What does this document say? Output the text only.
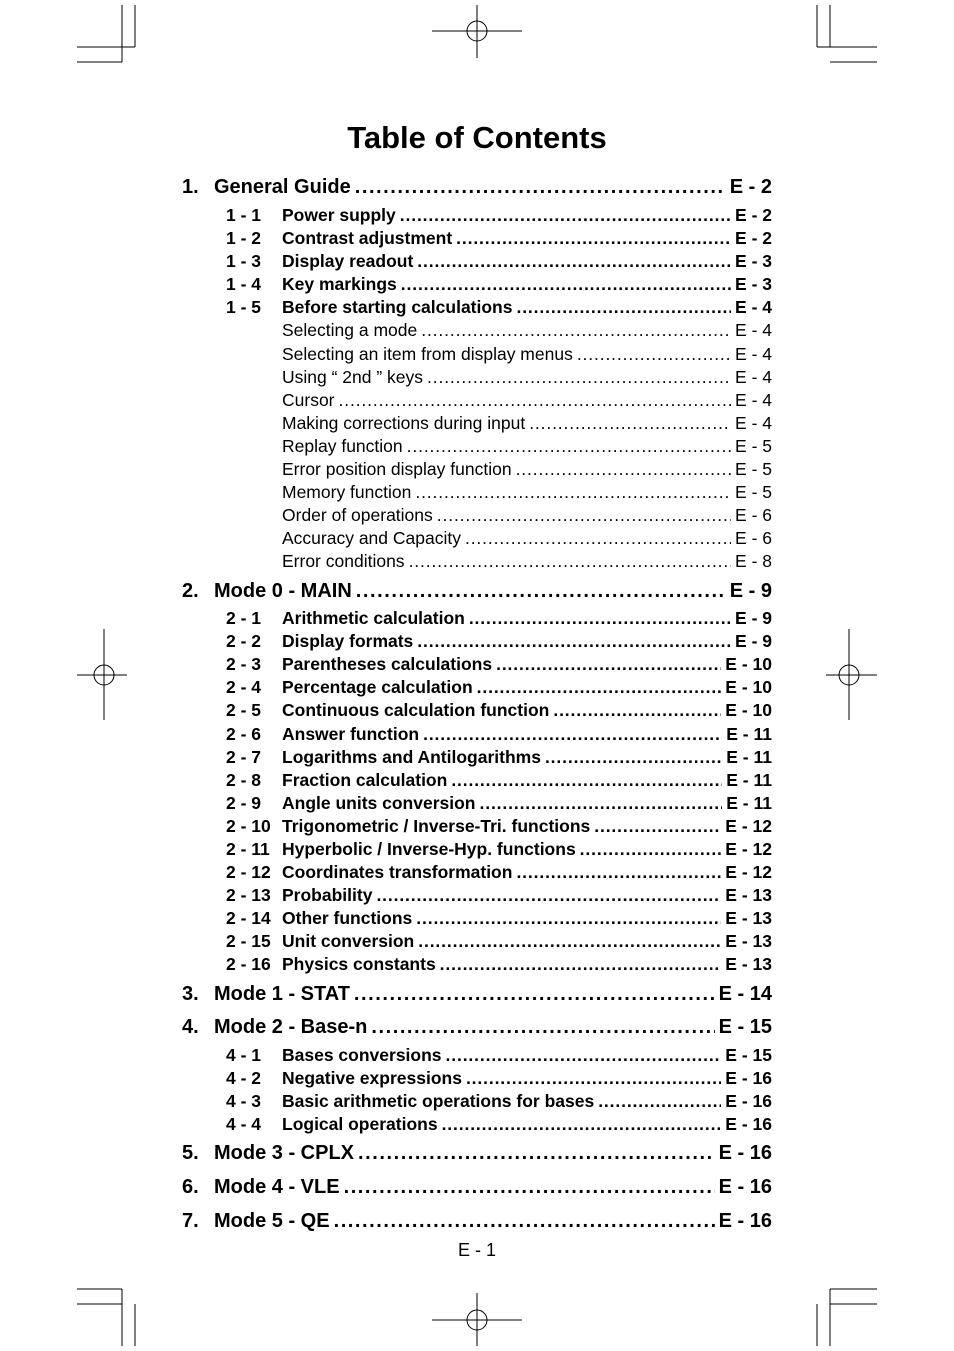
Table of Contents
1. General Guide . . .	E - 2
1 - 1	Power supply . . .	E - 2
1 - 2	Contrast adjustment . . .	E - 2
1 - 3	Display readout . . .	E - 3
1 - 4	Key markings . . .	E - 3
1 - 5	Before starting calculations . . .	E - 4
Selecting a mode . . .	E - 4
Selecting an item from display menus . . .	E - 4
Using “ 2nd ” keys . . .	E - 4
Cursor . . .	E - 4
Making corrections during input . . .	E - 4
Replay function . . .	E - 5
Error position display function . . .	E - 5
Memory function . . .	E - 5
Order of operations . . .	E - 6
Accuracy and Capacity . . .	E - 6
Error conditions . . .	E - 8
2. Mode 0 - MAIN . . .	E - 9
2 - 1	Arithmetic calculation . . .	E - 9
2 - 2	Display formats . . .	E - 9
2 - 3	Parentheses calculations . . .	E - 10
2 - 4	Percentage calculation . . .	E - 10
2 - 5	Continuous calculation function . . .	E - 10
2 - 6	Answer function . . .	E - 11
2 - 7	Logarithms and Antilogarithms . . .	E - 11
2 - 8	Fraction calculation . . .	E - 11
2 - 9	Angle units conversion . . .	E - 11
2 - 10 Trigonometric / Inverse-Tri. functions . . .	E - 12
2 - 11 Hyperbolic / Inverse-Hyp. functions . . .	E - 12
2 - 12 Coordinates transformation . . .	E - 12
2 - 13 Probability . . .	E - 13
2 - 14 Other functions . . .	E - 13
2 - 15 Unit conversion . . .	E - 13
2 - 16 Physics constants . . .	E - 13
3. Mode 1 - STAT . . .	E - 14
4. Mode 2 - Base-n . . .	E - 15
4 - 1	Bases conversions . . .	E - 15
4 - 2	Negative expressions . . .	E - 16
4 - 3	Basic arithmetic operations for bases . . .	E - 16
4 - 4	Logical operations . . .	E - 16
5. Mode 3 - CPLX . . .	E - 16
6. Mode 4 - VLE . . .	E - 16
7. Mode 5 - QE . . .	E - 16
E - 1
